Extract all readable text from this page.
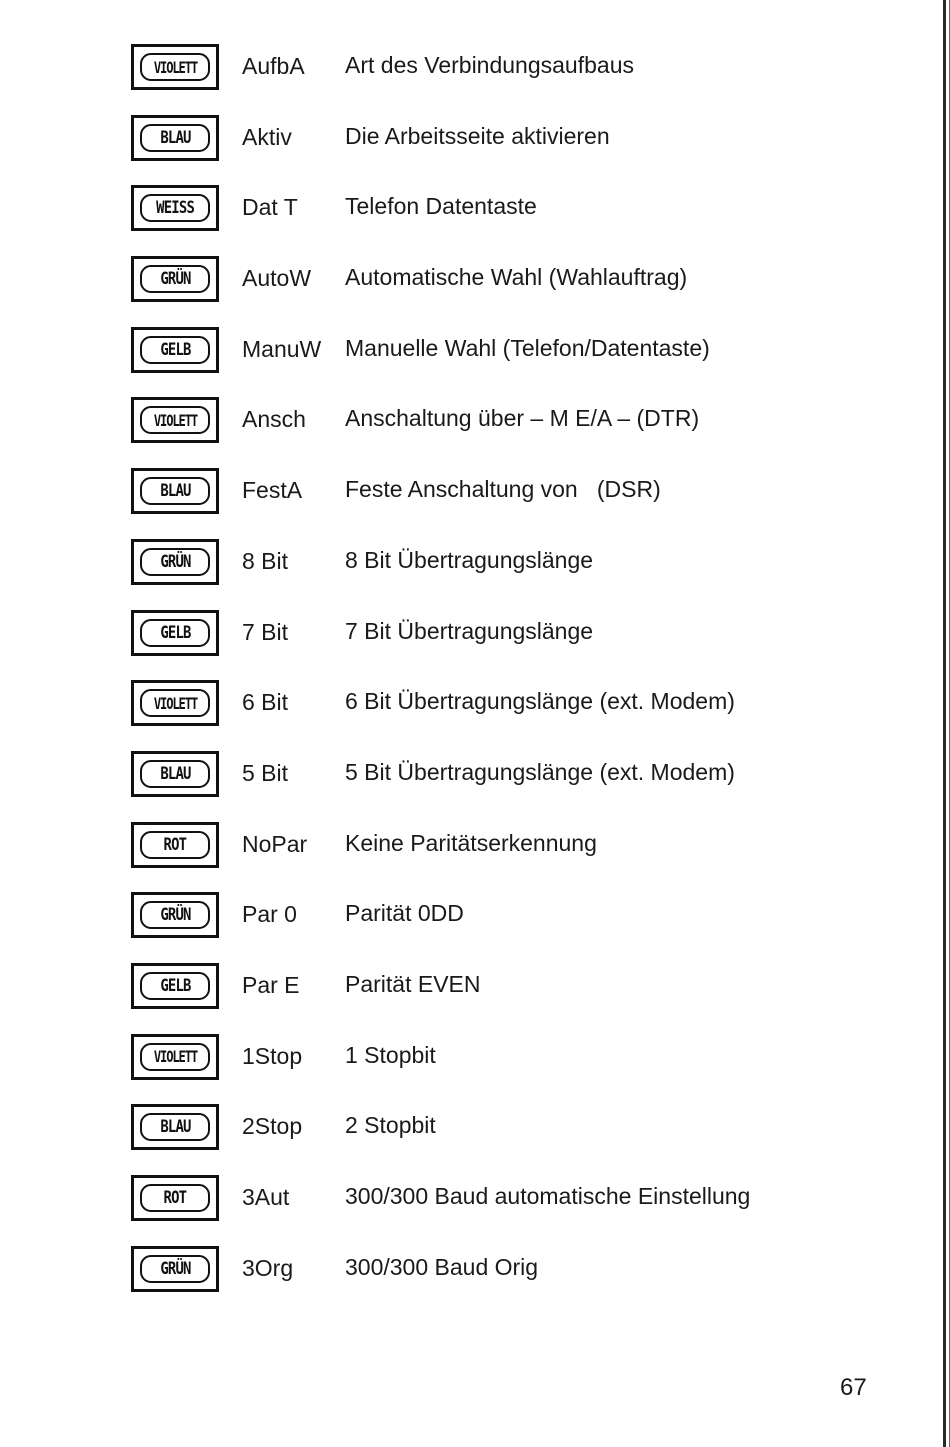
VIOLETT AufbA Art des Verbindungsaufbaus
BLAU Aktiv Die Arbeitsseite aktivieren
WEISS Dat T Telefon Datentaste
GRÜN AutoW Automatische Wahl (Wahlauftrag)
GELB ManuW Manuelle Wahl (Telefon/Datentaste)
VIOLETT Ansch Anschaltung über – M E/A – (DTR)
BLAU FestA Feste Anschaltung von   (DSR)
GRÜN 8 Bit 8 Bit Übertragungslänge
GELB 7 Bit 7 Bit Übertragungslänge
VIOLETT 6 Bit 6 Bit Übertragungslänge (ext. Modem)
BLAU 5 Bit 5 Bit Übertragungslänge (ext. Modem)
ROT NoPar Keine Paritätserkennung
GRÜN Par 0 Parität 0DD
GELB Par E Parität EVEN
VIOLETT 1Stop 1 Stopbit
BLAU 2Stop 2 Stopbit
ROT 3Aut 300/300 Baud automatische Einstellung
GRÜN 3Org 300/300 Baud Orig
67
